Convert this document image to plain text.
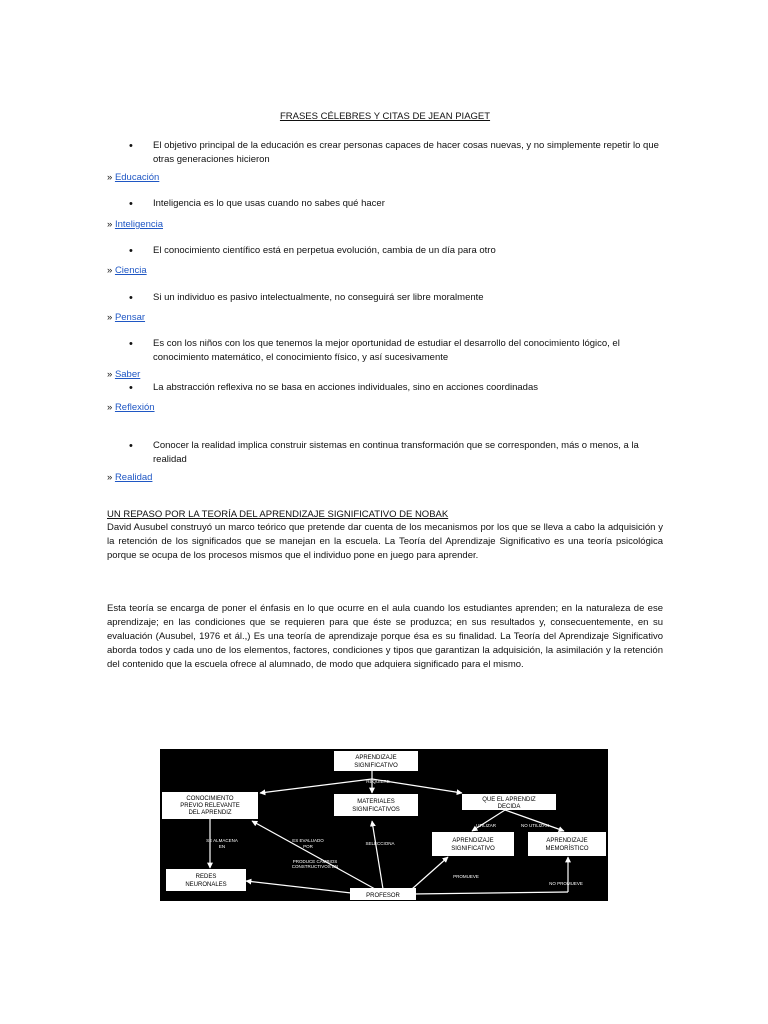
FRASES CÉLEBRES Y CITAS DE JEAN PIAGET
• El objetivo principal de la educación es crear personas capaces de hacer cosas nuevas, y no simplemente repetir lo que otras generaciones hicieron
» Educación
• Inteligencia es lo que usas cuando no sabes qué hacer
» Inteligencia
• El conocimiento científico está en perpetua evolución, cambia de un día para otro
» Ciencia
• Si un individuo es pasivo intelectualmente, no conseguirá ser libre moralmente
» Pensar
• Es con los niños con los que tenemos la mejor oportunidad de estudiar el desarrollo del conocimiento lógico, el conocimiento matemático, el conocimiento físico, y así sucesivamente
» Saber
• La abstracción reflexiva no se basa en acciones individuales, sino en acciones coordinadas
» Reflexión
• Conocer la realidad implica construir sistemas en continua transformación que se corresponden, más o menos, a la realidad
» Realidad
UN REPASO POR LA TEORÍA DEL APRENDIZAJE SIGNIFICATIVO DE NOBAK
David Ausubel construyó un marco teórico que pretende dar cuenta de los mecanismos por los que se lleva a cabo la adquisición y la retención de los significados que se manejan en la escuela. La Teoría del Aprendizaje Significativo es una teoría psicológica porque se ocupa de los procesos mismos que el individuo pone en juego para aprender.
Esta teoría se encarga de poner el énfasis en lo que ocurre en el aula cuando los estudiantes aprenden; en la naturaleza de ese aprendizaje; en las condiciones que se requieren para que éste se produzca; en sus resultados y, consecuentemente, en su evaluación (Ausubel, 1976 et ál.,) Es una teoría de aprendizaje porque ésa es su finalidad. La Teoría del Aprendizaje Significativo aborda todos y cada uno de los elementos, factores, condiciones y tipos que garantizan la adquisición, la asimilación y la retención del contenido que la escuela ofrece al alumnado, de modo que adquiera significado para el mismo.
APRENDIZAJE
SIGNIFICATIVO
CONOCIMIENTO
PREVIO RELEVANTE
DEL APRENDIZ
MATERIALES
SIGNIFICATIVOS
QUE EL APRENDIZ
DECIDA
APRENDIZAJE
SIGNIFICATIVO
APRENDIZAJE
MEMORÍSTICO
REDES
NEURONALES
PROFESOR
REQUIERE
UTILIZAR	NO UTILIZAN
SE ALMACENA
EN
ES EVALUADO
POR
SELECCIONA
PRODUCE CAMBIOS
CONSTRUCTIVOS EN
PROMUEVE
NO PROMUEVE
